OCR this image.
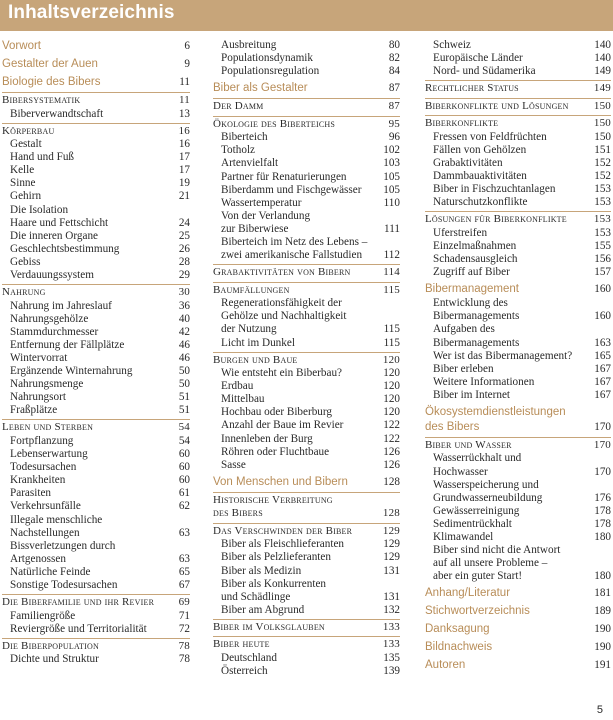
Inhaltsverzeichnis
Vorwort	6
Gestalter der Auen	9
Biologie des Bibers	11
Bibersystematik	11
Biberverwandtschaft	13
Körperbau	16
Gestalt	16
Hand und Fuß	17
Kelle	17
Sinne	19
Gehirn	21
Die Isolation
Haare und Fettschicht	24
Die inneren Organe	25
Geschlechtsbestimmung	26
Gebiss	28
Verdauungssystem	29
Nahrung	30
Nahrung im Jahreslauf	36
Nahrungsgehölze	40
Stammdurchmesser	42
Entfernung der Fällplätze	46
Wintervorrat	46
Ergänzende Winternahrung	50
Nahrungsmenge	50
Nahrungsort	51
Fraßplätze	51
Leben und Sterben	54
Fortpflanzung	54
Lebenserwartung	60
Todesursachen	60
Krankheiten	60
Parasiten	61
Verkehrsunfälle	62
Illegale menschliche
Nachstellungen	63
Bissverletzungen durch
Artgenossen	63
Natürliche Feinde	65
Sonstige Todesursachen	67
Die Biberfamilie und ihr Revier	69
Familiengröße	71
Reviergröße und Territorialität	72
Die Biberpopulation	78
Dichte und Struktur	78
Ausbreitung	80
Populationsdynamik	82
Populationsregulation	84
Biber als Gestalter	87
Der Damm	87
Ökologie des Biberteichs	95
Biberteich	96
Totholz	102
Artenvielfalt	103
Partner für Renaturierungen	105
Biberdamm und Fischgewässer	105
Wassertemperatur	110
Von der Verlandung
zur Biberwiese	111
Biberteich im Netz des Lebens –
zwei amerikanische Fallstudien	112
Grabaktivitäten von Bibern	114
Baumfällungen	115
Regenerationsfähigkeit der
Gehölze und Nachhaltigkeit
der Nutzung	115
Licht im Dunkel	115
Burgen und Baue	120
Wie entsteht ein Biberbau?	120
Erdbau	120
Mittelbau	120
Hochbau oder Biberburg	120
Anzahl der Baue im Revier	122
Innenleben der Burg	122
Röhren oder Fluchtbaue	126
Sasse	126
Von Menschen und Bibern	128
Historische Verbreitung
des Bibers	128
Das Verschwinden der Biber	129
Biber als Fleischlieferanten	129
Biber als Pelzlieferanten	129
Biber als Medizin	131
Biber als Konkurrenten
und Schädlinge	131
Biber am Abgrund	132
Biber im Volksglauben	133
Biber heute	133
Deutschland	135
Österreich	139
Schweiz	140
Europäische Länder	140
Nord- und Südamerika	149
Rechtlicher Status	149
Biberkonflikte und Lösungen	150
Biberkonflikte	150
Fressen von Feldfrüchten	150
Fällen von Gehölzen	151
Grabaktivitäten	152
Dammbauaktivitäten	152
Biber in Fischzuchtanlagen	153
Naturschutzkonflikte	153
Lösungen für Biberkonflikte	153
Uferstreifen	153
Einzelmaßnahmen	155
Schadensausgleich	156
Zugriff auf Biber	157
Bibermanagement	160
Entwicklung des
Bibermanagements	160
Aufgaben des
Bibermanagements	163
Wer ist das Bibermanagement?	165
Biber erleben	167
Weitere Informationen	167
Biber im Internet	167
Ökosystemdienstleistungen
des Bibers	170
Biber und Wasser	170
Wasserrückhalt und
Hochwasser	170
Wasserspeicherung und
Grundwasserneubildung	176
Gewässerreinigung	178
Sedimentrückhalt	178
Klimawandel	180
Biber sind nicht die Antwort
auf all unsere Probleme –
aber ein guter Start!	180
Anhang/Literatur	181
Stichwortverzeichnis	189
Danksagung	190
Bildnachweis	190
Autoren	191
5
